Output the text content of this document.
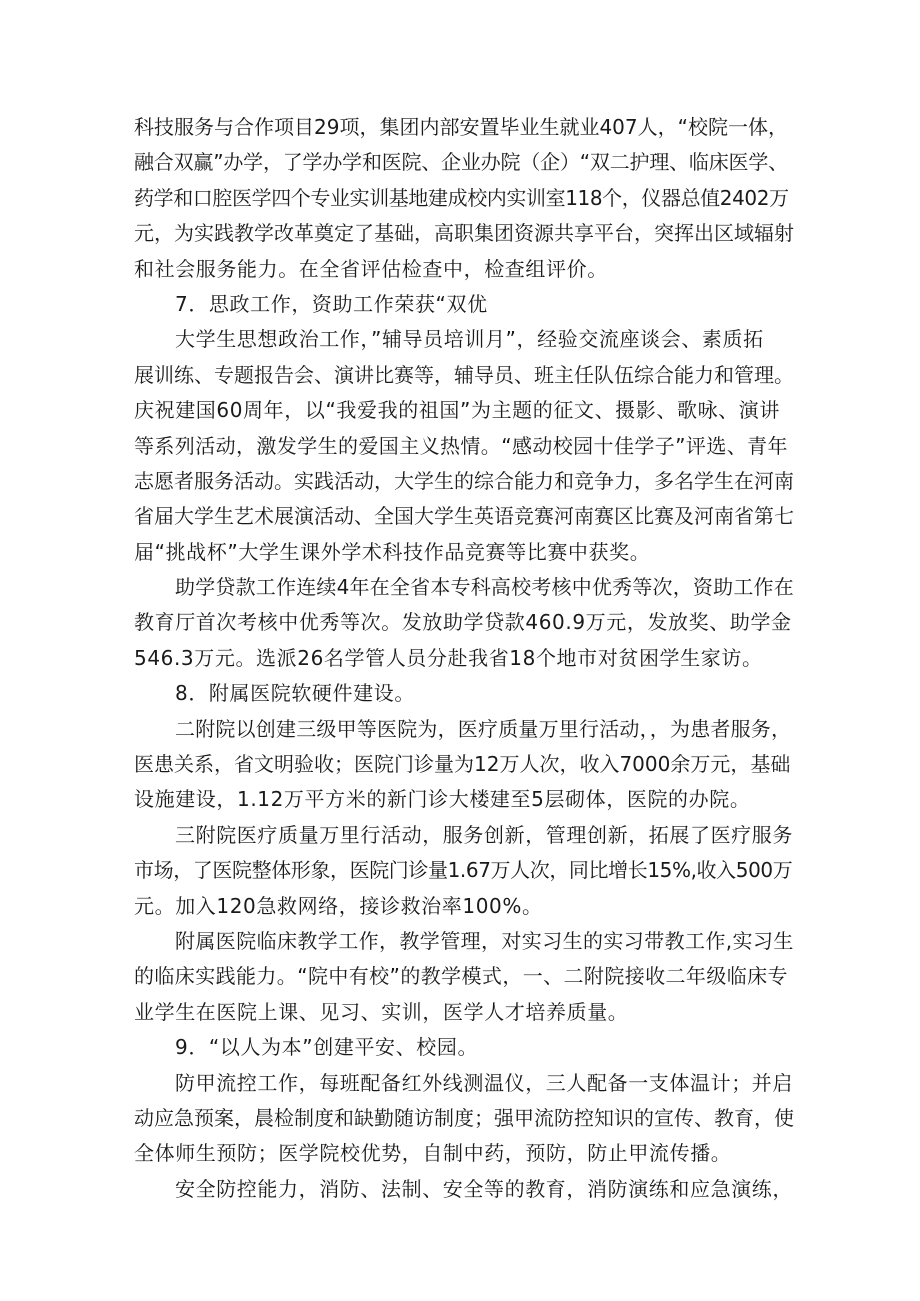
科技服务与合作项目29项，集团内部安置毕业生就业407人，“校院一体，
融合双赢”办学，了学办学和医院、企业办院（企）“双二护理、临床医学、
药学和口腔医学四个专业实训基地建成校内实训室118个，仪器总值2402万
元，为实践教学改革奠定了基础，高职集团资源共享平台，突挥出区域辐射
和社会服务能力。在全省评估检查中，检查组评价。
7．思政工作，资助工作荣获“双优
大学生思想政治工作，”辅导员培训月”，经验交流座谈会、素质拓
展训练、专题报告会、演讲比赛等，辅导员、班主任队伍综合能力和管理。
庆祝建国60周年，以“我爱我的祖国”为主题的征文、摄影、歌咏、演讲
等系列活动，激发学生的爱国主义热情。“感动校园十佳学子”评选、青年
志愿者服务活动。实践活动，大学生的综合能力和竞争力，多名学生在河南
省届大学生艺术展演活动、全国大学生英语竞赛河南赛区比赛及河南省第七
届“挑战杯”大学生课外学术科技作品竞赛等比赛中获奖。
助学贷款工作连续4年在全省本专科高校考核中优秀等次，资助工作在
教育厅首次考核中优秀等次。发放助学贷款460.9万元，发放奖、助学金
546.3万元。选派26名学管人员分赴我省18个地市对贫困学生家访。
8．附属医院软硬件建设。
二附院以创建三级甲等医院为，医疗质量万里行活动，，为患者服务，
医患关系，省文明验收；医院门诊量为12万人次，收入7000余万元，基础
设施建设，1.12万平方米的新门诊大楼建至5层砌体，医院的办院。
三附院医疗质量万里行活动，服务创新，管理创新，拓展了医疗服务
市场，了医院整体形象，医院门诊量1.67万人次，同比增长15%,收入500万
元。加入120急救网络，接诊救治率100%。
附属医院临床教学工作，教学管理，对实习生的实习带教工作,实习生
的临床实践能力。“院中有校”的教学模式，一、二附院接收二年级临床专
业学生在医院上课、见习、实训，医学人才培养质量。
9．“以人为本”创建平安、校园。
防甲流控工作，每班配备红外线测温仪，三人配备一支体温计；并启
动应急预案，晨检制度和缺勤随访制度；强甲流防控知识的宣传、教育，使
全体师生预防；医学院校优势，自制中药，预防，防止甲流传播。
安全防控能力，消防、法制、安全等的教育，消防演练和应急演练，
